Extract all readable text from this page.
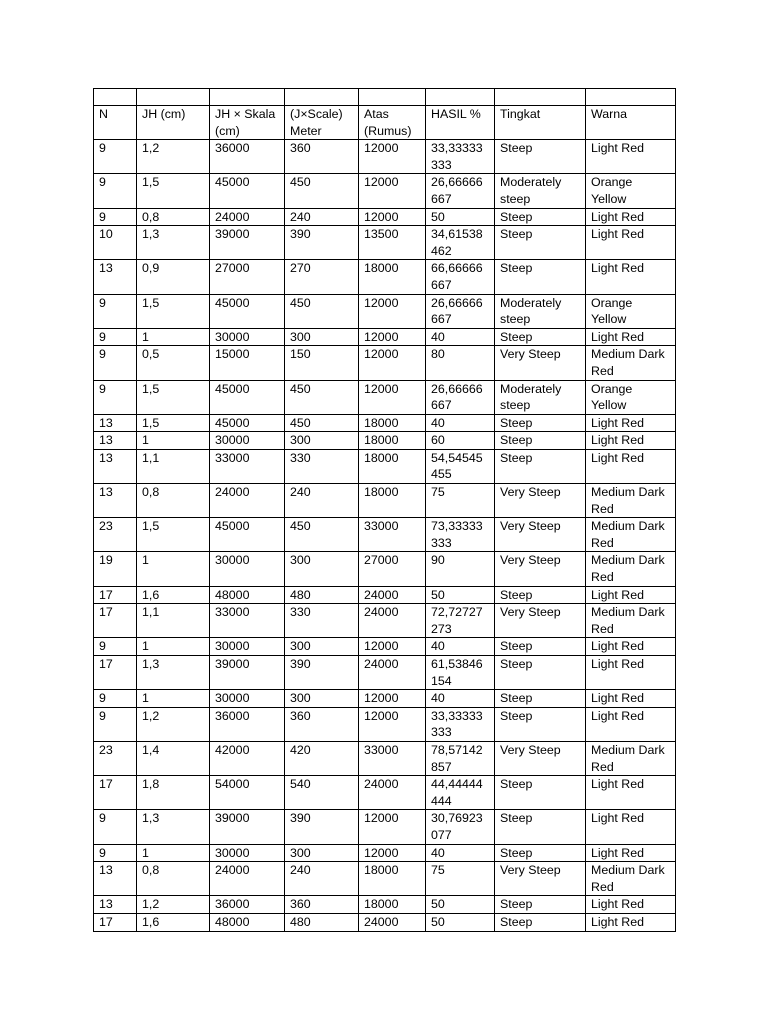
N	JH (cm)	JH × Skala (cm)	(J×Scale) Meter	Atas (Rumus)	HASIL %	Tingkat	Warna
9	1,2	36000	360	12000	33,33333 333	Steep	Light Red
9	1,5	45000	450	12000	26,66666 667	Moderately steep	Orange Yellow
9	0,8	24000	240	12000	50	Steep	Light Red
10	1,3	39000	390	13500	34,61538 462	Steep	Light Red
13	0,9	27000	270	18000	66,66666 667	Steep	Light Red
9	1,5	45000	450	12000	26,66666 667	Moderately steep	Orange Yellow
9	1	30000	300	12000	40	Steep	Light Red
9	0,5	15000	150	12000	80	Very Steep	Medium Dark Red
9	1,5	45000	450	12000	26,66666 667	Moderately steep	Orange Yellow
13	1,5	45000	450	18000	40	Steep	Light Red
13	1	30000	300	18000	60	Steep	Light Red
13	1,1	33000	330	18000	54,54545 455	Steep	Light Red
13	0,8	24000	240	18000	75	Very Steep	Medium Dark Red
23	1,5	45000	450	33000	73,33333 333	Very Steep	Medium Dark Red
19	1	30000	300	27000	90	Very Steep	Medium Dark Red
17	1,6	48000	480	24000	50	Steep	Light Red
17	1,1	33000	330	24000	72,72727 273	Very Steep	Medium Dark Red
9	1	30000	300	12000	40	Steep	Light Red
17	1,3	39000	390	24000	61,53846 154	Steep	Light Red
9	1	30000	300	12000	40	Steep	Light Red
9	1,2	36000	360	12000	33,33333 333	Steep	Light Red
23	1,4	42000	420	33000	78,57142 857	Very Steep	Medium Dark Red
17	1,8	54000	540	24000	44,44444 444	Steep	Light Red
9	1,3	39000	390	12000	30,76923 077	Steep	Light Red
9	1	30000	300	12000	40	Steep	Light Red
13	0,8	24000	240	18000	75	Very Steep	Medium Dark Red
13	1,2	36000	360	18000	50	Steep	Light Red
17	1,6	48000	480	24000	50	Steep	Light Red
